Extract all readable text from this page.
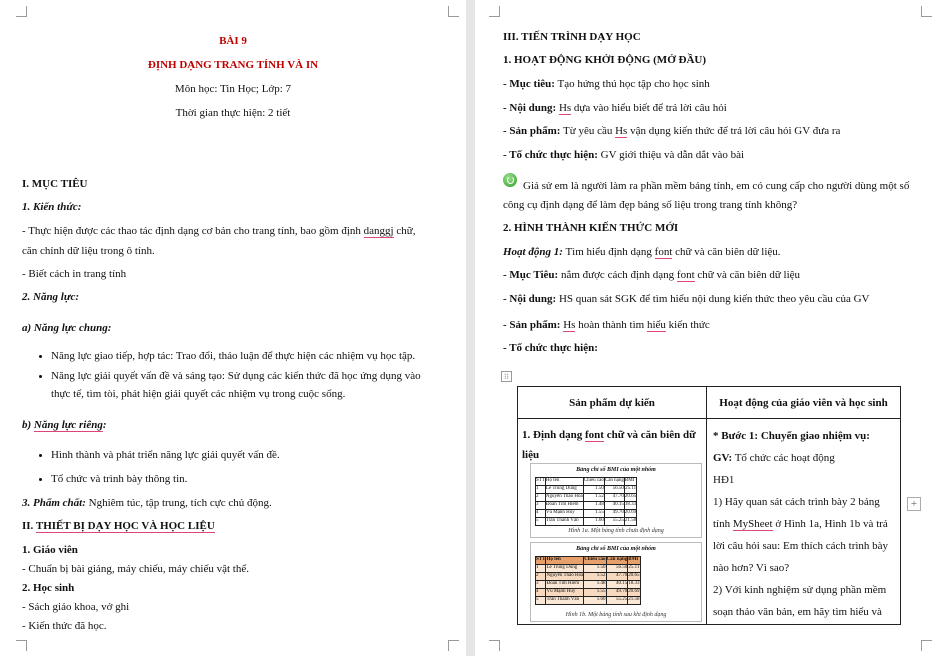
BÀI 9
ĐỊNH DẠNG TRANG TÍNH VÀ IN
Môn học: Tin Học; Lớp: 7
Thời gian thực hiện: 2 tiết
I. MỤC TIÊU
1. Kiến thức:
- Thực hiện được các thao tác định dạng cơ bản cho trang tính, bao gồm định danggj chữ,
căn chỉnh dữ liệu trong ô tính.
- Biết cách in trang tính
2. Năng lực:
a) Năng lực chung:
Năng lực giao tiếp, hợp tác: Trao đổi, thảo luận để thực hiện các nhiệm vụ học tập.
Năng lực giải quyết vấn đề và sáng tạo: Sử dụng các kiến thức đã học ứng dụng vào
thực tế, tìm tòi, phát hiện giải quyết các nhiệm vụ trong cuộc sống.
b) Năng lực riêng:
Hình thành và phát triển năng lực giải quyết vấn đề.
Tổ chức và trình bày thông tin.
3. Phẩm chất: Nghiêm túc, tập trung, tích cực chủ động.
II. THIẾT BỊ DẠY HỌC VÀ HỌC LIỆU
1. Giáo viên
- Chuẩn bị bài giảng, máy chiếu, máy chiếu vật thể.
2. Học sinh
- Sách giáo khoa, vở ghi
- Kiến thức đã học.
III. TIẾN TRÌNH DẠY HỌC
1. HOẠT ĐỘNG KHỞI ĐỘNG (MỞ ĐẦU)
- Mục tiêu: Tạo hứng thú học tập cho học sinh
- Nội dung: Hs dựa vào hiểu biết để trả lời câu hỏi
- Sản phẩm: Từ yêu cầu Hs vận dụng kiến thức để trả lời câu hỏi GV đưa ra
- Tổ chức thực hiện: GV giới thiệu và dẫn dắt vào bài
Giả sử em là người làm ra phần mềm bảng tính, em có cung cấp cho người dùng một số
công cụ định dạng để làm đẹp bảng số liệu trong trang tính không?
2. HÌNH THÀNH KIẾN THỨC MỚI
Hoạt động 1: Tìm hiểu định dạng font chữ và căn biên dữ liệu.
- Mục Tiêu: nắm được cách định dạng font chữ và căn biên dữ liệu
- Nội dung: HS quan sát SGK để tìm hiểu nội dung kiến thức theo yêu cầu của GV
- Sản phẩm: Hs hoàn thành tìm hiểu kiến thức
- Tổ chức thực hiện:
⁝⁝
Sản phẩm dự kiến	Hoạt động của giáo viên và học sinh

1. Định dạng font chữ và căn biên dữ
liệu
Bảng chỉ số BMI của một nhóm
STT	Họ tên	Chiều cao	Cân nặng	BMI
1	Lê Trung Dũng	1.50	56.50	25.11
2	Nguyễn Thảo Hoa	1.52	47.70	20.65
3	Đoàn Tìm Hiểm	1.48	40.15	18.33
4	Vũ Mạnh Huy	1.55	49.70	20.69
5	Trần Thanh Vân	1.60	55.25	21.58
Hình 1a. Một bảng tính chưa định dạng
Bảng chỉ số BMI của một nhóm
STT	Họ tên	Chiều cao	Cân nặng	BMI
1	Lê Trung Dũng	1.50	56.50	25.11
2	Nguyễn Thảo Hoa	1.52	47.70	20.65
3	Đoàn Tìm Hiểm	1.48	40.15	18.33
4	Vũ Mạnh Huy	1.55	49.70	20.69
5	Trần Thanh Vân	1.60	55.25	21.58
Hình 1b. Một bảng tính sau khi định dạng

* Bước 1: Chuyển giao nhiệm vụ:
GV: Tổ chức các hoạt động
HĐ1
1) Hãy quan sát cách trình bày 2 bảng
tính MySheet ở Hình 1a, Hình 1b và trả
lời câu hỏi sau: Em thích cách trình bày
nào hơn? Vì sao?
2) Với kinh nghiệm sử dụng phần mềm
soạn thảo văn bản, em hãy tìm hiểu và
+
